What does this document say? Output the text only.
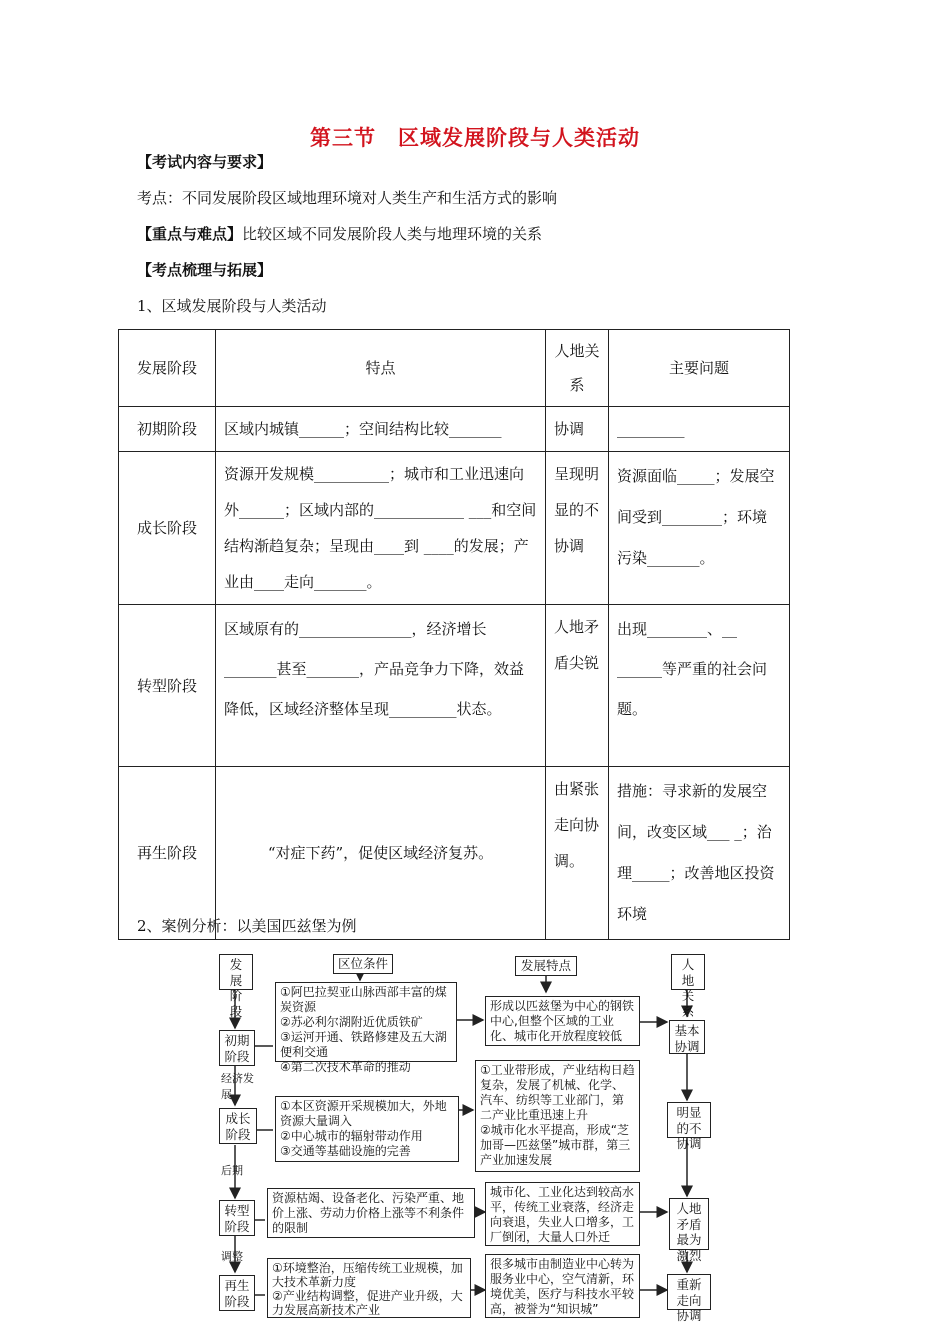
第三节　区域发展阶段与人类活动
【考试内容与要求】
考点：不同发展阶段区域地理环境对人类生产和生活方式的影响
【重点与难点】比较区域不同发展阶段人类与地理环境的关系
【考点梳理与拓展】
1、区域发展阶段与人类活动
发展阶段	特点	人地关系	主要问题
初期阶段	区域内城镇______；空间结构比较_______	协调	_________
成长阶段	资源开发规模__________；城市和工业迅速向外______；区域内部的____________ ___和空间结构渐趋复杂；呈现由____到 ____的发展；产业由____走向_______。	呈现明显的不协调	资源面临_____；发展空间受到________；环境污染_______。
转型阶段	区域原有的_______________，经济增长_______甚至_______，产品竞争力下降，效益降低，区域经济整体呈现_________状态。	人地矛盾尖锐	出现________、__ ______等严重的社会问题。
再生阶段	“对症下药”，促使区域经济复苏。	由紧张走向协调。	措施：寻求新的发展空间，改变区域___ _；治理_____；改善地区投资环境
2、案例分析：以美国匹兹堡为例
发展阶段
区位条件	发展特点	人地关系
初期阶段
成长阶段
转型阶段
再生阶段
经济发展
后期
调整
①阿巴拉契亚山脉西部丰富的煤炭资源
②苏必利尔湖附近优质铁矿
③运河开通、铁路修建及五大湖便利交通
④第二次技术革命的推动
①本区资源开采规模加大，外地资源大量调入
②中心城市的辐射带动作用
③交通等基础设施的完善
资源枯竭、设备老化、污染严重、地价上涨、劳动力价格上涨等不利条件的限制
①环境整治，压缩传统工业规模，加大技术革新力度
②产业结构调整，促进产业升级，大力发展高新技术产业
形成以匹兹堡为中心的钢铁中心,但整个区域的工业化、城市化开放程度较低
①工业带形成，产业结构日趋复杂，发展了机械、化学、汽车、纺织等工业部门，第二产业比重迅速上升
②城市化水平提高，形成“芝加哥—匹兹堡”城市群，第三产业加速发展
城市化、工业化达到较高水平，传统工业衰落，经济走向衰退，失业人口增多，工厂倒闭，大量人口外迁
很多城市由制造业中心转为服务业中心，空气清新，环境优美，医疗与科技水平较高，被誉为“知识城”
基本协调
明显的不协调
人地矛盾最为激烈
重新走向协调
